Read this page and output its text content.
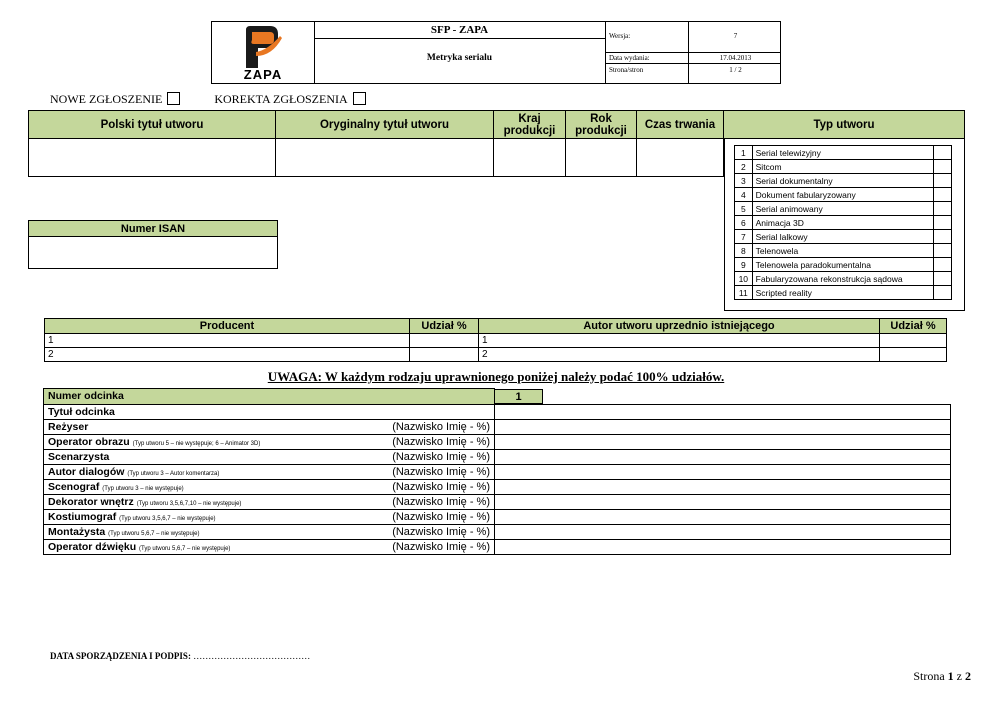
ZAPA
SFP - ZAPA
Metryka serialu
Wersja:	7
Data wydania:	17.04.2013
Strona/stron	1 / 2
NOWE ZGŁOSZENIE	KOREKTA ZGŁOSZENIA
Polski tytuł utworu	Oryginalny tytuł utworu	Kraj produkcji	Rok produkcji	Czas trwania	Typ utworu

1	Serial telewizyjny	
2	Sitcom	
3	Serial dokumentalny	
4	Dokument fabularyzowany	
5	Serial animowany	
6	Animacja 3D	
7	Serial lalkowy	
8	Telenowela	
9	Telenowela paradokumentalna	
10	Fabularyzowana rekonstrukcja sądowa	
11	Scripted reality	
Numer ISAN

Producent	Udział %	Autor utworu uprzednio istniejącego	Udział %
1		1	
2		2	
UWAGA: W każdym rodzaju uprawnionego poniżej należy podać 100% udziałów.
Numer odcinka		1

Tytuł odcinka		
Reżyser	(Nazwisko Imię - %)	
Operator obrazu (Typ utworu 5 – nie występuje; 6 – Animator 3D)	(Nazwisko Imię - %)	
Scenarzysta	(Nazwisko Imię - %)	
Autor dialogów (Typ utworu 3 – Autor komentarza)	(Nazwisko Imię - %)	
Scenograf (Typ utworu 3 – nie występuje)	(Nazwisko Imię - %)	
Dekorator wnętrz (Typ utworu 3,5,6,7,10 – nie występuje)	(Nazwisko Imię - %)	
Kostiumograf (Typ utworu 3,5,6,7 – nie występuje)	(Nazwisko Imię - %)	
Montażysta (Typ utworu 5,6,7 – nie występuje)	(Nazwisko Imię - %)	
Operator dźwięku (Typ utworu 5,6,7 – nie występuje)	(Nazwisko Imię - %)	
DATA SPORZĄDZENIA I PODPIS: …………………………………
Strona 1 z 2
